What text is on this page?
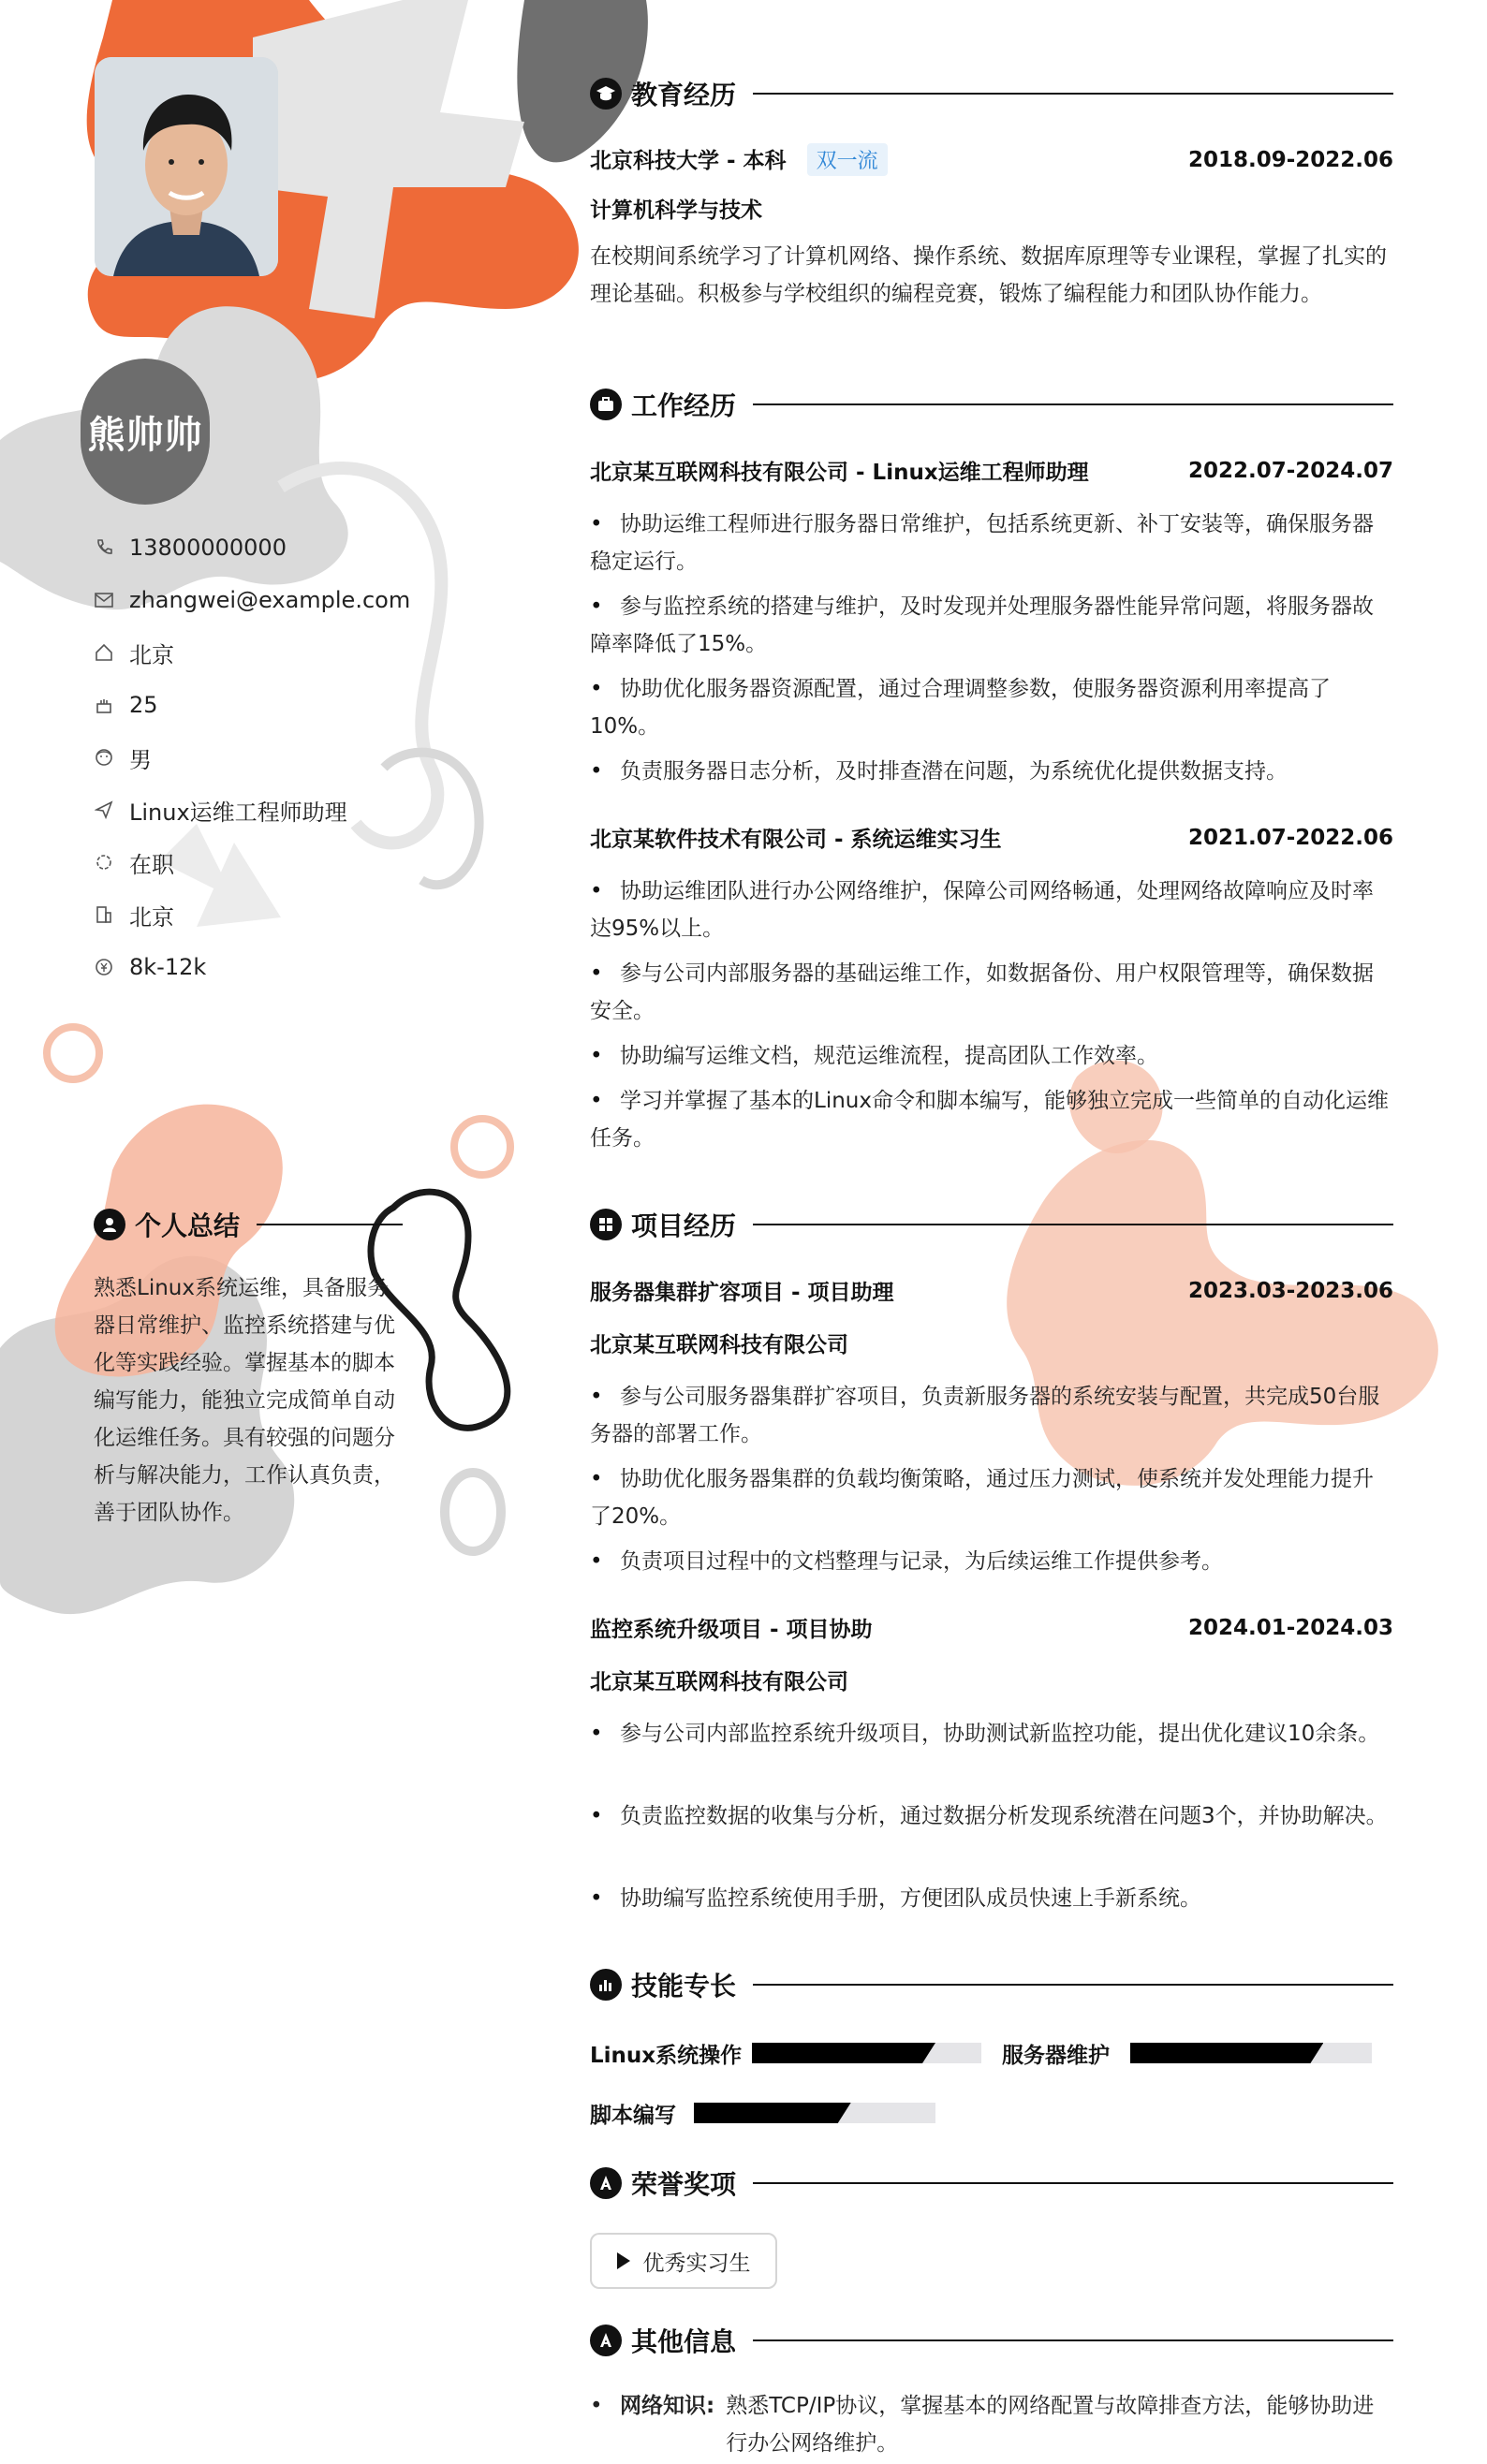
熊帅帅
13800000000
zhangwei@example.com
北京
25
男
Linux运维工程师助理
在职
北京
8k-12k
个人总结
熟悉Linux系统运维，具备服务器日常维护、监控系统搭建与优化等实践经验。掌握基本的脚本编写能力，能独立完成简单自动化运维任务。具有较强的问题分析与解决能力，工作认真负责，善于团队协作。
教育经历
北京科技大学 - 本科 双一流	2018.09-2022.06
计算机科学与技术
在校期间系统学习了计算机网络、操作系统、数据库原理等专业课程，掌握了扎实的理论基础。积极参与学校组织的编程竞赛，锻炼了编程能力和团队协作能力。
工作经历
北京某互联网科技有限公司 - Linux运维工程师助理	2022.07-2024.07
• 协助运维工程师进行服务器日常维护，包括系统更新、补丁安装等，确保服务器稳定运行。
• 参与监控系统的搭建与维护，及时发现并处理服务器性能异常问题，将服务器故障率降低了15%。
• 协助优化服务器资源配置，通过合理调整参数，使服务器资源利用率提高了10%。
• 负责服务器日志分析，及时排查潜在问题，为系统优化提供数据支持。
北京某软件技术有限公司 - 系统运维实习生	2021.07-2022.06
• 协助运维团队进行办公网络维护，保障公司网络畅通，处理网络故障响应及时率达95%以上。
• 参与公司内部服务器的基础运维工作，如数据备份、用户权限管理等，确保数据安全。
• 协助编写运维文档，规范运维流程，提高团队工作效率。
• 学习并掌握了基本的Linux命令和脚本编写，能够独立完成一些简单的自动化运维任务。
项目经历
服务器集群扩容项目 - 项目助理	2023.03-2023.06
北京某互联网科技有限公司
• 参与公司服务器集群扩容项目，负责新服务器的系统安装与配置，共完成50台服务器的部署工作。
• 协助优化服务器集群的负载均衡策略，通过压力测试，使系统并发处理能力提升了20%。
• 负责项目过程中的文档整理与记录，为后续运维工作提供参考。
监控系统升级项目 - 项目协助	2024.01-2024.03
北京某互联网科技有限公司
• 参与公司内部监控系统升级项目，协助测试新监控功能，提出优化建议10余条。
• 负责监控数据的收集与分析，通过数据分析发现系统潜在问题3个，并协助解决。
• 协助编写监控系统使用手册，方便团队成员快速上手新系统。
技能专长
Linux系统操作	服务器维护
脚本编写
荣誉奖项
优秀实习生
其他信息
• 网络知识: 熟悉TCP/IP协议，掌握基本的网络配置与故障排查方法，能够协助进行办公网络维护。
